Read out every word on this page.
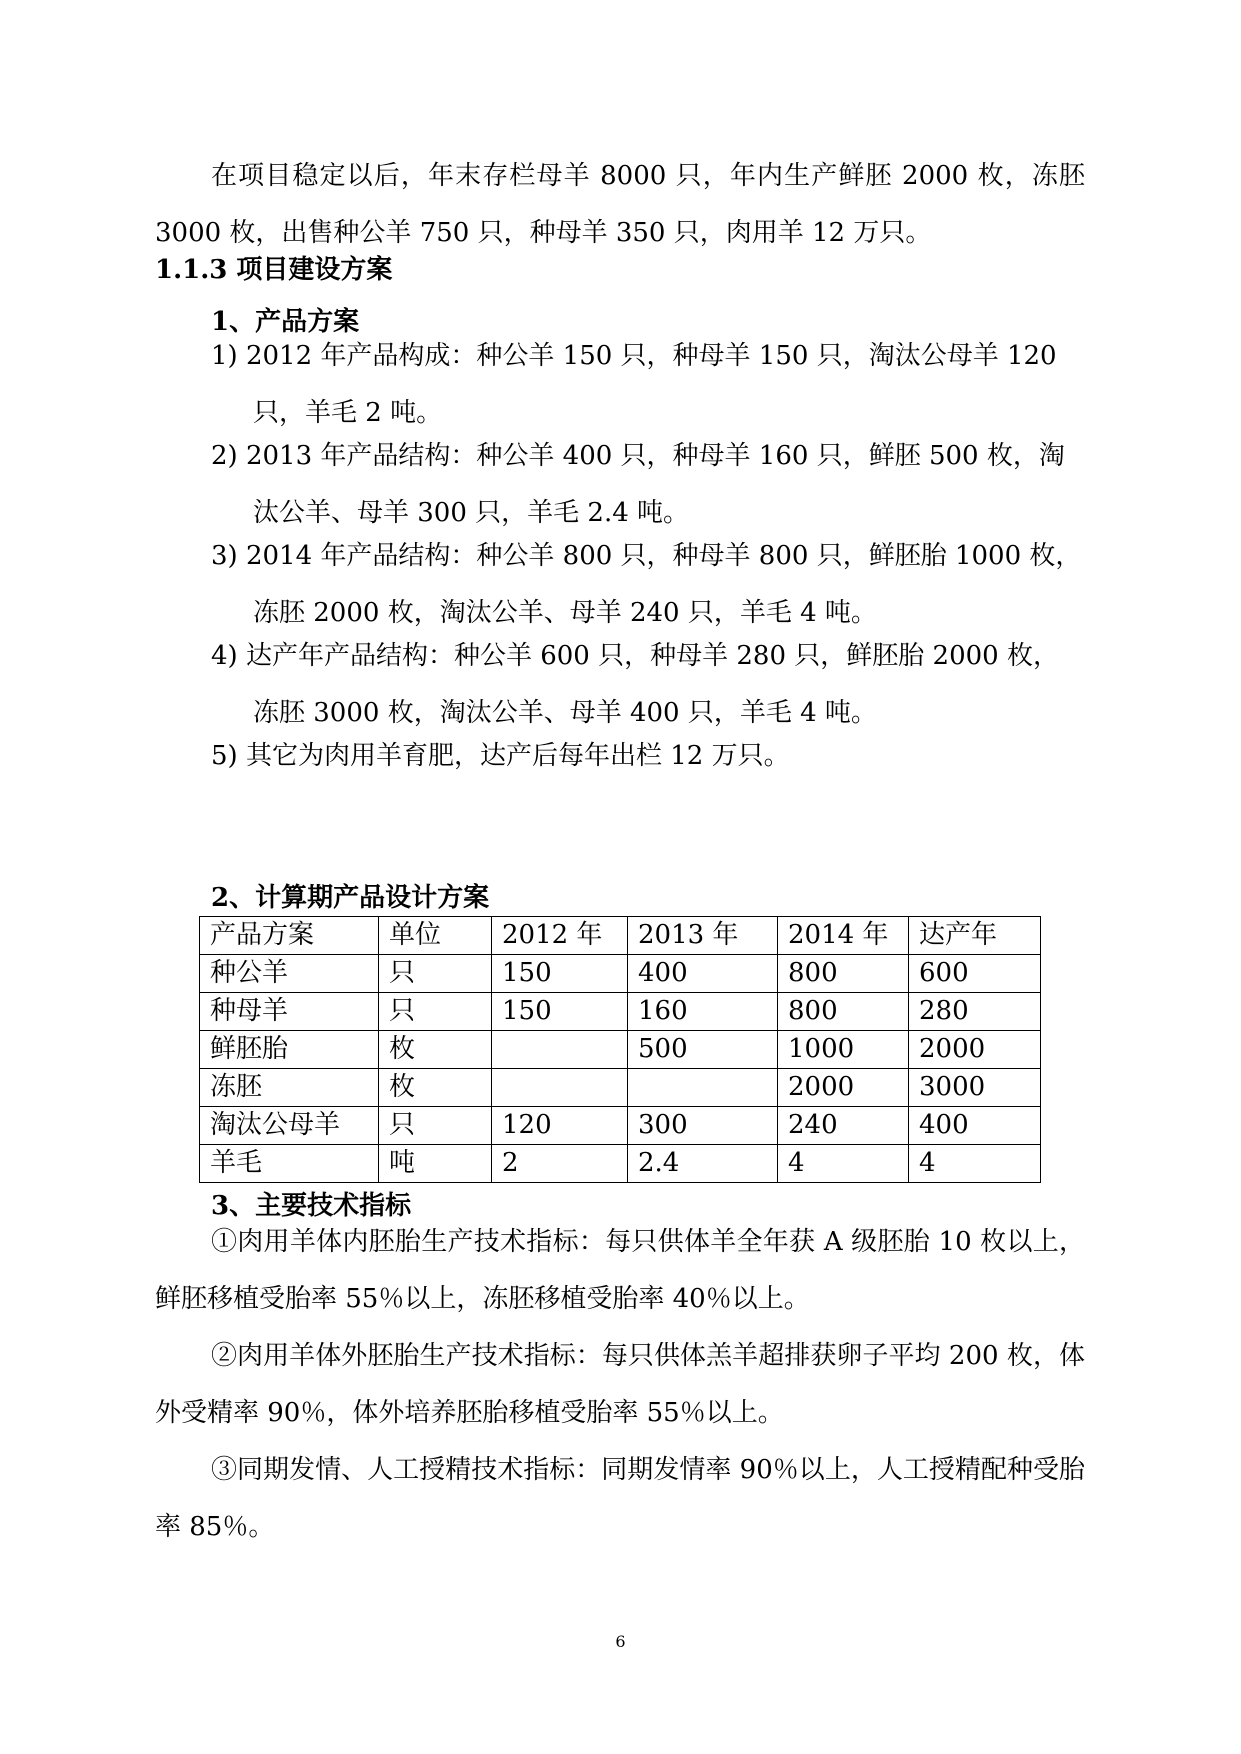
在项目稳定以后，年末存栏母羊 8000 只，年内生产鲜胚 2000 枚，冻胚 3000 枚，出售种公羊 750 只，种母羊 350 只，肉用羊 12 万只。
1.1.3 项目建设方案
1、产品方案
1) 2012 年产品构成：种公羊 150 只，种母羊 150 只，淘汰公母羊 120
只，羊毛 2 吨。
2) 2013 年产品结构：种公羊 400 只，种母羊 160 只，鲜胚 500 枚，淘
汰公羊、母羊 300 只，羊毛 2.4 吨。
3) 2014 年产品结构：种公羊 800 只，种母羊 800 只，鲜胚胎 1000 枚，
冻胚 2000 枚，淘汰公羊、母羊 240 只，羊毛 4 吨。
4) 达产年产品结构：种公羊 600 只，种母羊 280 只，鲜胚胎 2000 枚，
冻胚 3000 枚，淘汰公羊、母羊 400 只，羊毛 4 吨。
5) 其它为肉用羊育肥，达产后每年出栏 12 万只。
2、计算期产品设计方案
产品方案	单位	2012 年	2013 年	2014 年	达产年
种公羊	只	150	400	800	600
种母羊	只	150	160	800	280
鲜胚胎	枚		500	1000	2000
冻胚	枚			2000	3000
淘汰公母羊	只	120	300	240	400
羊毛	吨	2	2.4	4	4
3、主要技术指标
①肉用羊体内胚胎生产技术指标：每只供体羊全年获 A 级胚胎 10 枚以上，鲜胚移植受胎率 55％以上，冻胚移植受胎率 40％以上。
②肉用羊体外胚胎生产技术指标：每只供体羔羊超排获卵子平均 200 枚，体外受精率 90％，体外培养胚胎移植受胎率 55％以上。
③同期发情、人工授精技术指标：同期发情率 90％以上，人工授精配种受胎率 85％。
6
